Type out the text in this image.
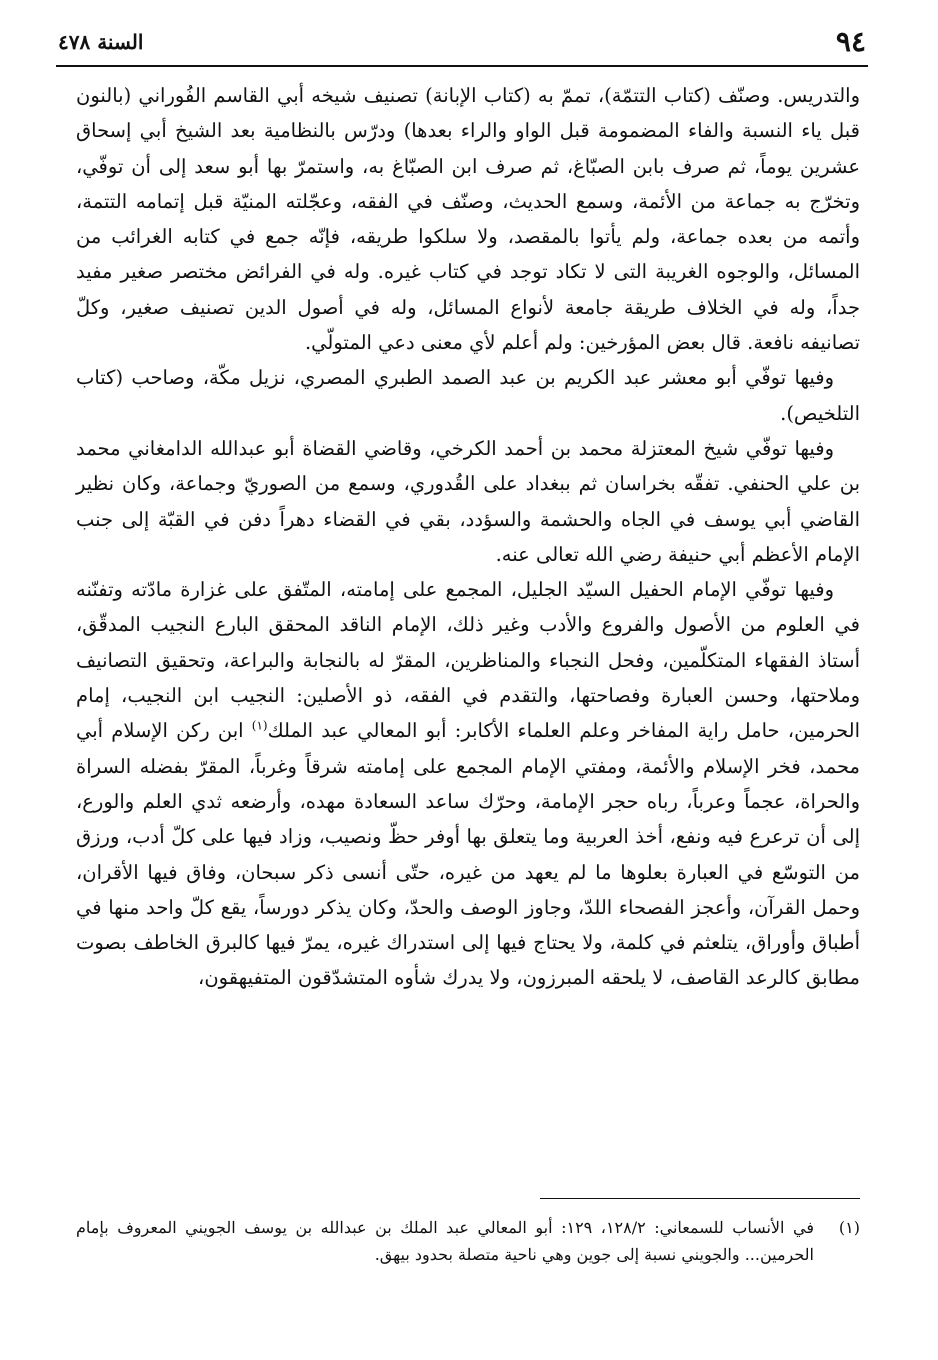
٩٤
السنة ٤٧٨

والتدريس. وصنّف (كتاب التتمّة)، تممّ به (كتاب الإبانة) تصنيف شيخه أبي القاسم الفُوراني (بالنون قبل ياء النسبة والفاء المضمومة قبل الواو والراء بعدها) ودرّس بالنظامية بعد الشيخ أبي إسحاق عشرين يوماً، ثم صرف بابن الصبّاغ، ثم صرف ابن الصبّاغ به، واستمرّ بها أبو سعد إلى أن توفّي، وتخرّج به جماعة من الأئمة، وسمع الحديث، وصنّف في الفقه، وعجّلته المنيّة قبل إتمامه التتمة، وأتمه من بعده جماعة، ولم يأتوا بالمقصد، ولا سلكوا طريقه، فإنّه جمع في كتابه الغرائب من المسائل، والوجوه الغريبة التى لا تكاد توجد في كتاب غيره. وله في الفرائض مختصر صغير مفيد جداً، وله في الخلاف طريقة جامعة لأنواع المسائل، وله في أصول الدين تصنيف صغير، وكلّ تصانيفه نافعة. قال بعض المؤرخين: ولم أعلم لأي معنى دعي المتولّي.

وفيها توفّي أبو معشر عبد الكريم بن عبد الصمد الطبري المصري، نزيل مكّة، وصاحب (كتاب التلخيص).

وفيها توفّي شيخ المعتزلة محمد بن أحمد الكرخي، وقاضي القضاة أبو عبدالله الدامغاني محمد بن علي الحنفي. تفقّه بخراسان ثم ببغداد على القُدوري، وسمع من الصوريّ وجماعة، وكان نظير القاضي أبي يوسف في الجاه والحشمة والسؤدد، بقي في القضاء دهراً دفن في القبّة إلى جنب الإمام الأعظم أبي حنيفة رضي الله تعالى عنه.

وفيها توفّي الإمام الحفيل السيّد الجليل، المجمع على إمامته، المتّفق على غزارة مادّته وتفنّنه في العلوم من الأصول والفروع والأدب وغير ذلك، الإمام الناقد المحقق البارع النجيب المدقّق، أستاذ الفقهاء المتكلّمين، وفحل النجباء والمناظرين، المقرّ له بالنجابة والبراعة، وتحقيق التصانيف وملاحتها، وحسن العبارة وفصاحتها، والتقدم في الفقه، ذو الأصلين: النجيب ابن النجيب، إمام الحرمين، حامل راية المفاخر وعلم العلماء الأكابر: أبو المعالي عبد الملك$^{(١)}$ ابن ركن الإسلام أبي محمد، فخر الإسلام والأئمة، ومفتي الإمام المجمع على إمامته شرقاً وغرباً، المقرّ بفضله السراة والحراة، عجماً وعرباً، رباه حجر الإمامة، وحرّك ساعد السعادة مهده، وأرضعه ثدي العلم والورع، إلى أن ترعرع فيه ونفع، أخذ العربية وما يتعلق بها أوفر حظّ ونصيب، وزاد فيها على كلّ أدب، ورزق من التوسّع في العبارة بعلوها ما لم يعهد من غيره، حتّى أنسى ذكر سبحان، وفاق فيها الأقران، وحمل القرآن، وأعجز الفصحاء اللدّ، وجاوز الوصف والحدّ، وكان يذكر دورساً، يقع كلّ واحد منها في أطباق وأوراق، يتلعثم في كلمة، ولا يحتاج فيها إلى استدراك غيره، يمرّ فيها كالبرق الخاطف بصوت مطابق كالرعد القاصف، لا يلحقه المبرزون، ولا يدرك شأوه المتشدّقون المتفيهقون،

(١)
في الأنساب للسمعاني: ١٢٨/٢، ١٢٩: أبو المعالي عبد الملك بن عبدالله بن يوسف الجويني المعروف بإمام الحرمين... والجويني نسبة إلى جوين وهي ناحية متصلة بحدود بيهق.
